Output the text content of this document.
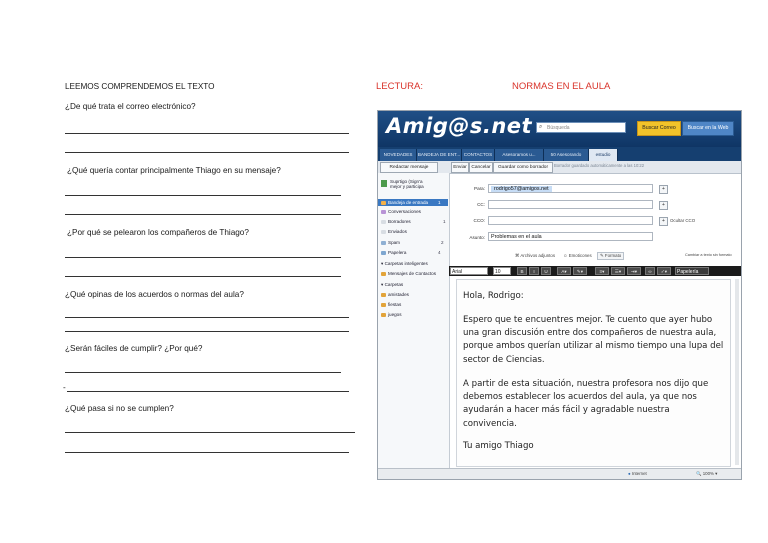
LEEMOS COMPRENDEMOS EL TEXTO
¿De qué trata el correo electrónico?
¿Qué quería contar principalmente Thiago en su mensaje?
¿Por qué se pelearon los compañeros de Thiago?
¿Qué opinas de los acuerdos o normas del aula?
¿Serán fáciles de cumplir? ¿Por qué?
-
¿Qué pasa si no se cumplen?
LECTURA:	NORMAS EN EL AULA
Amig@s.net	Búsqueda
⌕	Buscar Correo	Buscar en la Web
NOVEDADES	BANDEJA DE ENT... CONTACTOS	Asesoramos u...	50 Asesorando	estudio
Redactar mensaje	Enviar Cancelar	Guardar como borrador	Borrador guardado automáticamente a las 10:22
Suprtigo (Sign'a mejor y participa
Bandeja de entrada	1
Conversaciones
Borradores	1
Enviados
Spam	2
Papelera	4
▾ Carpetas inteligentes
Mensajes de Contactos
▾ Carpetas
amistades
fiestas
juegos
Para:	rodrigo57@amigos.net	+
CC:	+
CCO:	+	Ocultar CCO
Asunto:	Problemas en el aula
⌘ Archivos adjuntos ☺ Emoticones	✎ Formato	Cambiar a texto sin formato
Arial	10	B	I	U	A▾	✎▾	≡▾	☰▾	⇥▾	∞	✓▾	Papelería

Hola, Rodrigo:

Espero que te encuentres mejor. Te cuento que ayer hubo una gran discusión entre dos compañeros de nuestra aula, porque ambos querían utilizar al mismo tiempo una lupa del sector de Ciencias.

A partir de esta situación, nuestra profesora nos dijo que debemos establecer los acuerdos del aula, ya que nos ayudarán a hacer más fácil y agradable nuestra convivencia.

Tu amigo Thiago

● Internet	🔍 100% ▾
